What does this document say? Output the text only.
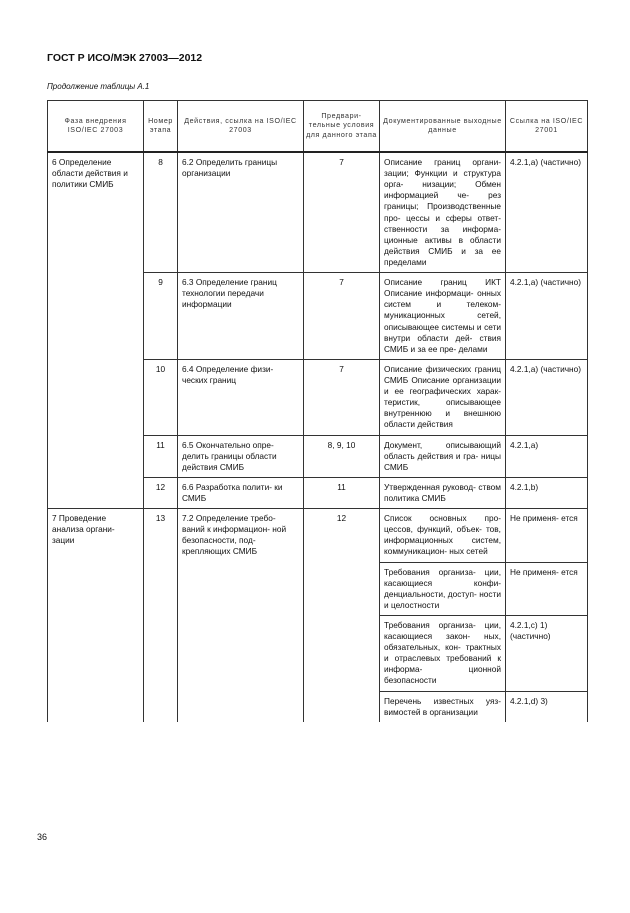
ГОСТ Р ИСО/МЭК 27003—2012
Продолжение таблицы А.1
Фаза внедрения ISO/IEC 27003	Номер этапа	Действия, ссылка на ISO/IEC 27003	Предвари- тельные условия для данного этапа	Документированные выходные данные	Ссылка на ISO/IEC 27001
6 Определение области действия и политики СМИБ	8	6.2 Определить границы организации	7	Описание границ органи- зации; Функции и структура орга- низации; Обмен информацией че- рез границы; Производственные про- цессы и сферы ответ- ственности за информа- ционные активы в области действия СМИБ и за ее пределами	4.2.1,а) (частично)
	9	6.3 Определение границ технологии передачи информации	7	Описание границ ИКТ Описание информаци- онных систем и телеком- муникационных сетей, описывающее системы и сети внутри области дей- ствия СМИБ и за ее пре- делами	4.2.1,а) (частично)
	10	6.4 Определение физи- ческих границ	7	Описание физических границ СМИБ Описание организации и ее географических харак- теристик, описывающее внутреннюю и внешнюю области действия	4.2.1,а) (частично)
	11	6.5 Окончательно опре- делить границы области действия СМИБ	8, 9, 10	Документ, описывающий область действия и гра- ницы СМИБ	4.2.1,а)
	12	6.6 Разработка полити- ки СМИБ	11	Утвержденная руковод- ством политика СМИБ	4.2.1,b)
7 Проведение анализа органи- зации	13	7.2 Определение требо- ваний к информацион- ной безопасности, под- крепляющих СМИБ	12	Список основных про- цессов, функций, объек- тов, информационных систем, коммуникацион- ных сетей	Не применя- ется
				Требования организа- ции, касающиеся конфи- денциальности, доступ- ности и целостности	Не применя- ется
				Требования организа- ции, касающиеся закон- ных, обязательных, кон- трактных и отраслевых требований к информа- ционной безопасности	4.2.1,с) 1) (частично)
				Перечень известных уяз- вимостей в организации	4.2.1,d) 3)
36
